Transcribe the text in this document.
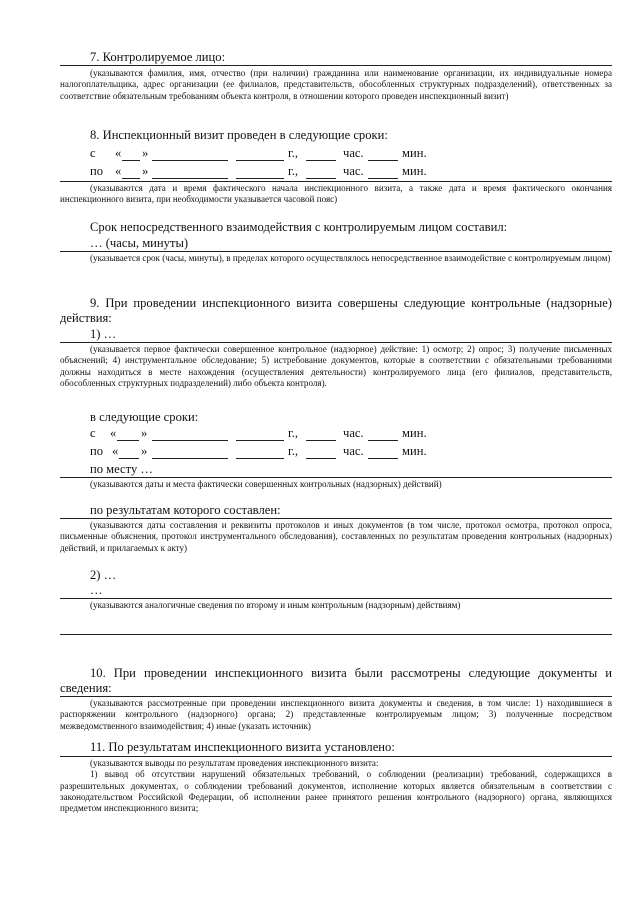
7. Контролируемое лицо:
(указываются фамилия, имя, отчество (при наличии) гражданина или наименование организации, их индивидуальные номера налогоплательщика, адрес организации (ее филиалов, представительств, обособленных структурных подразделений), ответственных за соответствие обязательным требованиям объекта контроля, в отношении которого проведен инспекционный визит)
8. Инспекционный визит проведен в следующие сроки:
с « »	г.,	час.	мин.
по « »	г.,	час.	мин.
(указываются дата и время фактического начала инспекционного визита, а также дата и время фактического окончания инспекционного визита, при необходимости указывается часовой пояс)
Срок непосредственного взаимодействия с контролируемым лицом составил:
… (часы, минуты)
(указывается срок (часы, минуты), в пределах которого осуществлялось непосредственное взаимодействие с контролируемым лицом)
9. При проведении инспекционного визита совершены следующие контрольные (надзорные) действия:
1) …
(указывается первое фактически совершенное контрольное (надзорное) действие: 1) осмотр; 2) опрос; 3) получение письменных объяснений; 4) инструментальное обследование; 5) истребование документов, которые в соответствии с обязательными требованиями должны находиться в месте нахождения (осуществления деятельности) контролируемого лица (его филиалов, представительств, обособленных структурных подразделений) либо объекта контроля).
в следующие сроки:
с « »	г.,	час.	мин.
по « »	г.,	час.	мин.
по месту …
(указываются даты и места фактически совершенных контрольных (надзорных) действий)
по результатам которого составлен:
(указываются даты составления и реквизиты протоколов и иных документов (в том числе, протокол осмотра, протокол опроса, письменные объяснения, протокол инструментального обследования), составленных по результатам проведения контрольных (надзорных) действий, и прилагаемых к акту)
2) …
…
(указываются аналогичные сведения по второму и иным контрольным (надзорным) действиям)
10. При проведении инспекционного визита были рассмотрены следующие документы и сведения:
(указываются рассмотренные при проведении инспекционного визита документы и сведения, в том числе: 1) находившиеся в распоряжении контрольного (надзорного) органа; 2) представленные контролируемым лицом; 3) полученные посредством межведомственного взаимодействия; 4) иные (указать источник)
11. По результатам инспекционного визита установлено:
(указываются выводы по результатам проведения инспекционного визита:
1) вывод об отсутствии нарушений обязательных требований, о соблюдении (реализации) требований, содержащихся в разрешительных документах, о соблюдении требований документов, исполнение которых является обязательным в соответствии с законодательством Российской Федерации, об исполнении ранее принятого решения контрольного (надзорного) органа, являющихся предметом инспекционного визита;
